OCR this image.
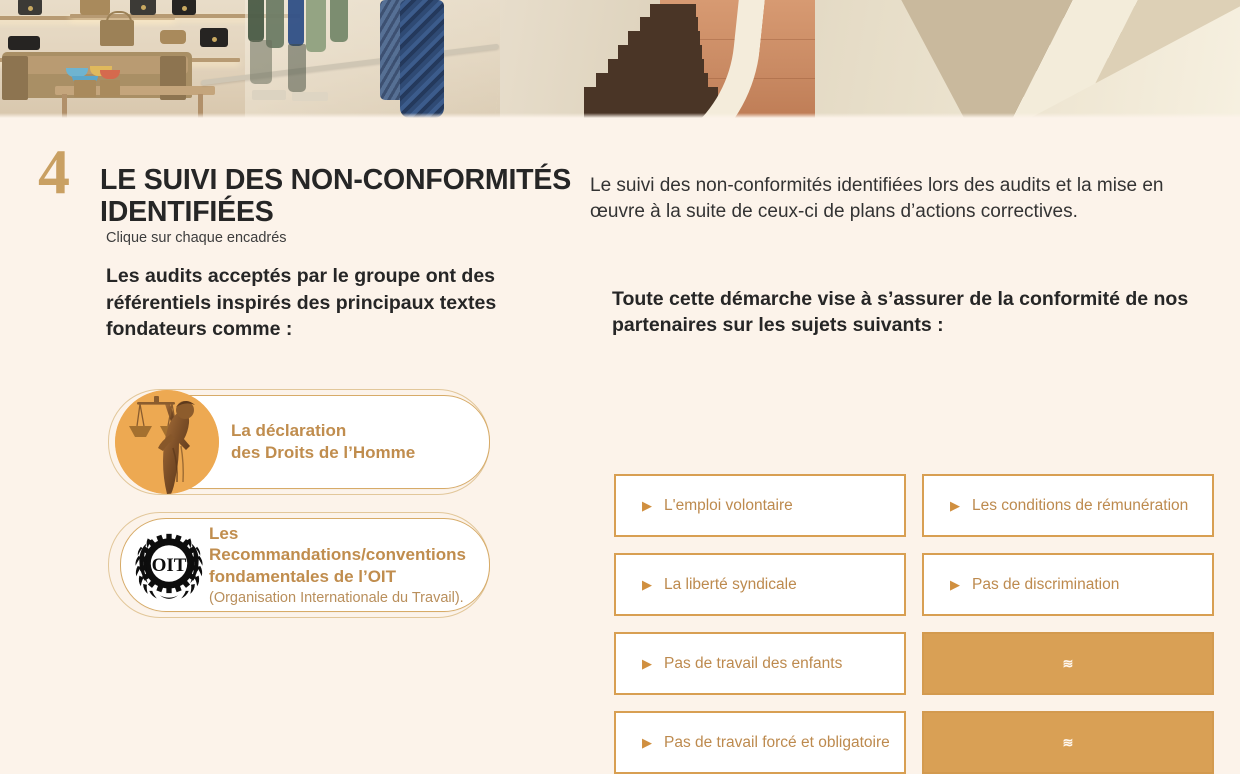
4 LE SUIVI DES NON-CONFORMITÉS IDENTIFIÉES
Clique sur chaque encadrés
Les audits acceptés par le groupe ont des référentiels inspirés des principaux textes fondateurs comme :

Le suivi des non-conformités identifiées lors des audits et la mise en œuvre à la suite de ceux-ci de plans d’actions correctives.

Toute cette démarche vise à s’assurer de la conformité de nos partenaires sur les sujets suivants :

La déclaration
des Droits de l’Homme
OIT
Les Recommandations/conventions
fondamentales de l’OIT
(Organisation Internationale du Travail).
▶ L'emploi volontaire	▶ Les conditions de rémunération
▶ La liberté syndicale	▶ Pas de discrimination
▶ Pas de travail des enfants	≋
▶ Pas de travail forcé et obligatoire	≋
